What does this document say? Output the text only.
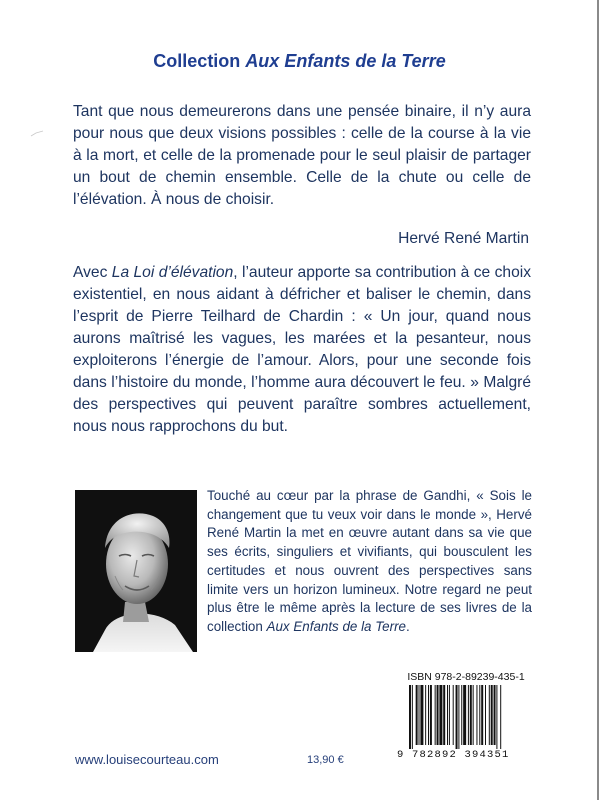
Collection Aux Enfants de la Terre
Tant que nous demeurerons dans une pensée binaire, il n’y aura pour nous que deux visions possibles : celle de la course à la vie à la mort, et celle de la promenade pour le seul plaisir de partager un bout de chemin ensemble. Celle de la chute ou celle de l’élévation. À nous de choisir.
Hervé René Martin

Avec La Loi d’élévation, l’auteur apporte sa contribution à ce choix existentiel, en nous aidant à défricher et baliser le chemin, dans l’esprit de Pierre Teilhard de Chardin : « Un jour, quand nous aurons maîtrisé les vagues, les marées et la pesanteur, nous exploiterons l’énergie de l’amour. Alors, pour une seconde fois dans l’histoire du monde, l’homme aura découvert le feu. » Malgré des perspectives qui peuvent paraître sombres actuellement, nous nous rapprochons du but.

Touché au cœur par la phrase de Gandhi, « Sois le changement que tu veux voir dans le monde », Hervé René Martin la met en œuvre autant dans sa vie que ses écrits, singuliers et vivifiants, qui bousculent les certitudes et nous ouvrent des perspectives sans limite vers un horizon lumineux. Notre regard ne peut plus être le même après la lecture de ses livres de la collection Aux Enfants de la Terre.
ISBN 978-2-89239-435-1
9 782892 394351
www.louisecourteau.com	13,90 €
